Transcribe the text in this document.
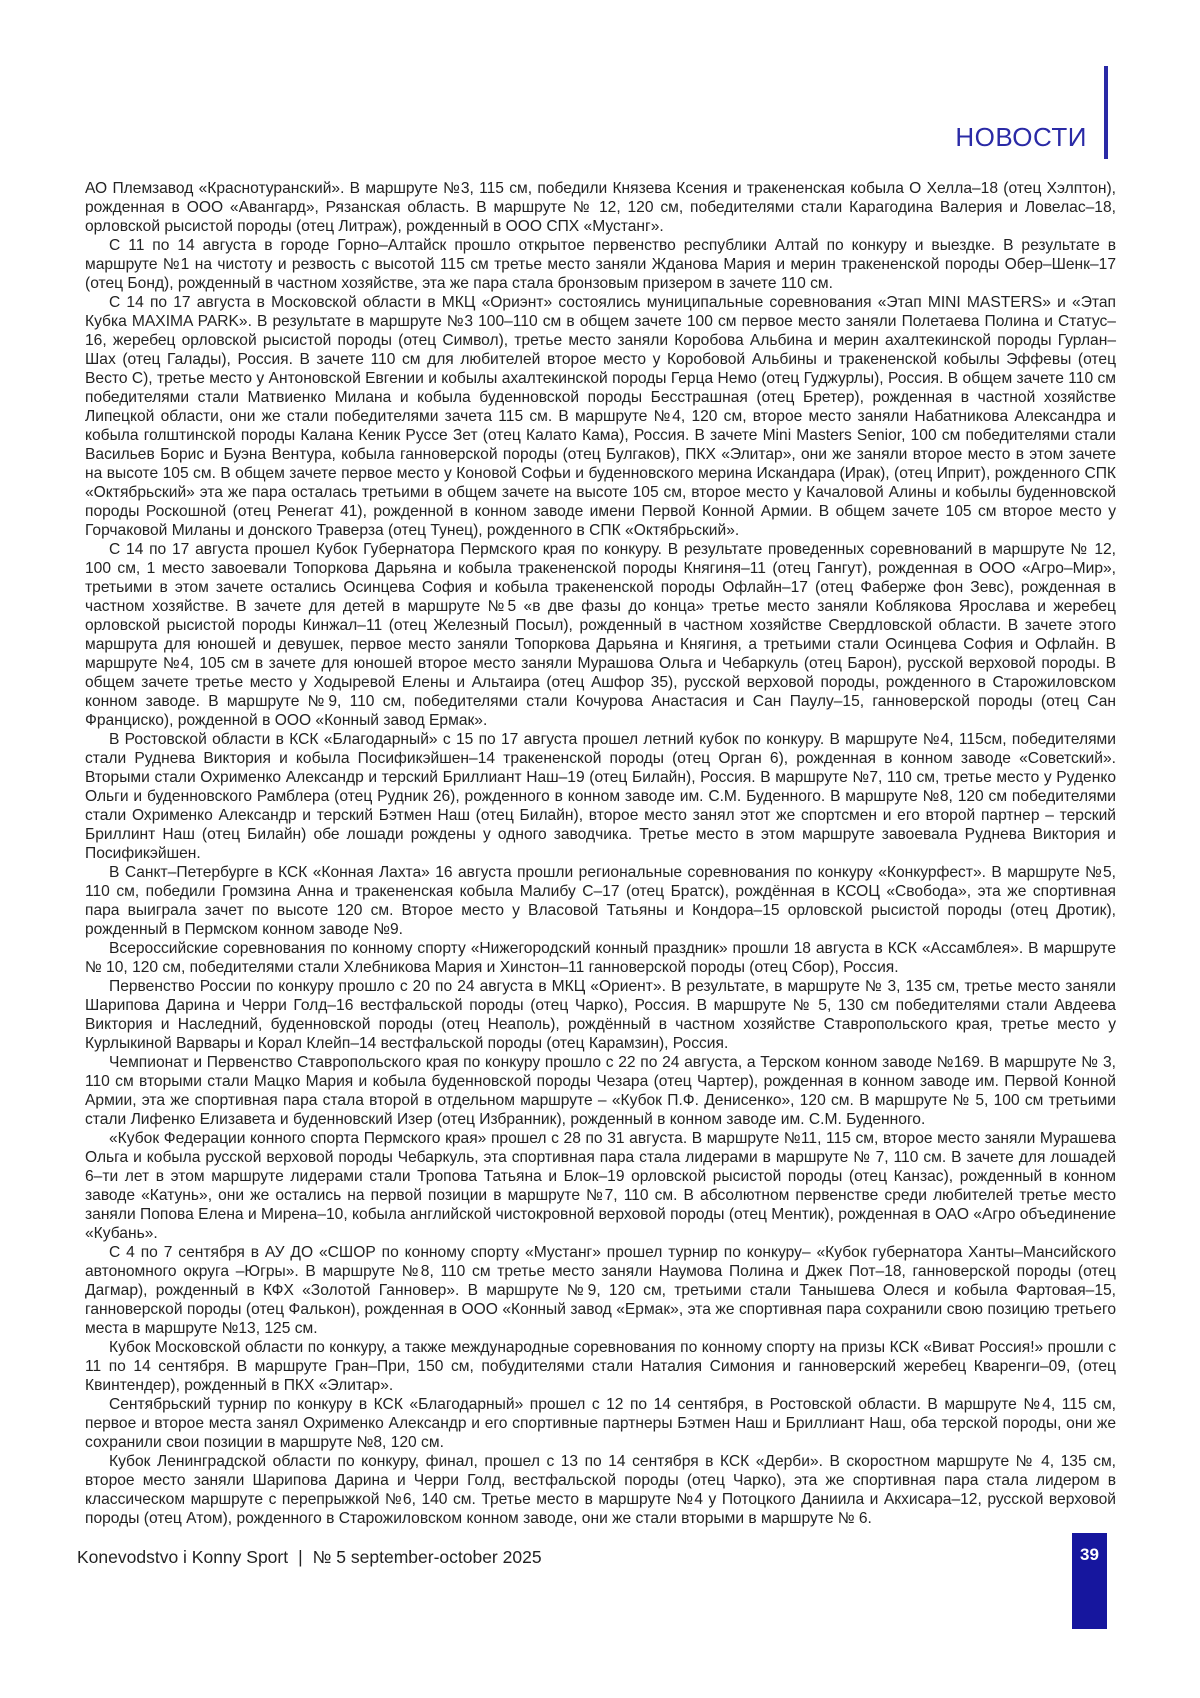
НОВОСТИ

АО Племзавод «Краснотуранский». В маршруте №3, 115 см, победили Князева Ксения и тракененская кобыла О Хелла–18 (отец Хэлптон), рожденная в ООО «Авангард», Рязанская область. В маршруте № 12, 120 см, победителями стали Карагодина Валерия и Ловелас–18, орловской рысистой породы (отец Литраж), рожденный в ООО СПХ «Мустанг».

С 11 по 14 августа в городе Горно–Алтайск прошло открытое первенство республики Алтай по конкуру и выездке. В результате в маршруте №1 на чистоту и резвость с высотой 115 см третье место заняли Жданова Мария и мерин тракененской породы Обер–Шенк–17 (отец Бонд), рожденный в частном хозяйстве, эта же пара стала бронзовым призером в зачете 110 см.

С 14 по 17 августа в Московской области в МКЦ «Ориэнт» состоялись муниципальные соревнования «Этап MINI MASTERS» и «Этап Кубка MAXIMA PARK». В результате в маршруте №3 100–110 см в общем зачете 100 см первое место заняли Полетаева Полина и Статус–16, жеребец орловской рысистой породы (отец Символ), третье место заняли Коробова Альбина и мерин ахалтекинской породы Гурлан–Шах (отец Галады), Россия. В зачете 110 см для любителей второе место у Коробовой Альбины и тракененской кобылы Эффевы (отец Весто С), третье место у Антоновской Евгении и кобылы ахалтекинской породы Герца Немо (отец Гуджурлы), Россия. В общем зачете 110 см победителями стали Матвиенко Милана и кобыла буденновской породы Бесстрашная (отец Бретер), рожденная в частной хозяйстве Липецкой области, они же стали победителями зачета 115 см. В маршруте №4, 120 см, второе место заняли Набатникова Александра и кобыла голштинской породы Калана Кеник Руссе Зет (отец Калато Кама), Россия. В зачете Mini Masters Senior, 100 см победителями стали Васильев Борис и Буэна Вентура, кобыла ганноверской породы (отец Булгаков), ПКХ «Элитар», они же заняли второе место в этом зачете на высоте 105 см. В общем зачете первое место у Коновой Софьи и буденновского мерина Искандара (Ирак), (отец Иприт), рожденного СПК «Октябрьский» эта же пара осталась третьими в общем зачете на высоте 105 см, второе место у Качаловой Алины и кобылы буденновской породы Роскошной (отец Ренегат 41), рожденной в конном заводе имени Первой Конной Армии. В общем зачете 105 см второе место у Горчаковой Миланы и донского Траверза (отец Тунец), рожденного в СПК «Октябрьский».

С 14 по 17 августа прошел Кубок Губернатора Пермского края по конкуру. В результате проведенных соревнований в маршруте № 12, 100 см, 1 место завоевали Топоркова Дарьяна и кобыла тракененской породы Княгиня–11 (отец Гангут), рожденная в ООО «Агро–Мир», третьими в этом зачете остались Осинцева София и кобыла тракененской породы Офлайн–17 (отец Фаберже фон Зевс), рожденная в частном хозяйстве. В зачете для детей в маршруте №5 «в две фазы до конца» третье место заняли Коблякова Ярослава и жеребец орловской рысистой породы Кинжал–11 (отец Железный Посыл), рожденный в частном хозяйстве Свердловской области. В зачете этого маршрута для юношей и девушек, первое место заняли Топоркова Дарьяна и Княгиня, а третьими стали Осинцева София и Офлайн. В маршруте №4, 105 см в зачете для юношей второе место заняли Мурашова Ольга и Чебаркуль (отец Барон), русской верховой породы. В общем зачете третье место у Ходыревой Елены и Альтаира (отец Ашфор 35), русской верховой породы, рожденного в Старожиловском конном заводе. В маршруте №9, 110 см, победителями стали Кочурова Анастасия и Сан Паулу–15, ганноверской породы (отец Сан Франциско), рожденной в ООО «Конный завод Ермак».

В Ростовской области в КСК «Благодарный» с 15 по 17 августа прошел летний кубок по конкуру. В маршруте №4, 115см, победителями стали Руднева Виктория и кобыла Посификэйшен–14 тракененской породы (отец Орган 6), рожденная в конном заводе «Советский». Вторыми стали Охрименко Александр и терский Бриллиант Наш–19 (отец Билайн), Россия. В маршруте №7, 110 см, третье место у Руденко Ольги и буденновского Рамблера (отец Рудник 26), рожденного в конном заводе им. С.М. Буденного. В маршруте №8, 120 см победителями стали Охрименко Александр и терский Бэтмен Наш (отец Билайн), второе место занял этот же спортсмен и его второй партнер – терский Бриллинт Наш (отец Билайн) обе лошади рождены у одного заводчика. Третье место в этом маршруте завоевала Руднева Виктория и Посификэйшен.

В Санкт–Петербурге в КСК «Конная Лахта» 16 августа прошли региональные соревнования по конкуру «Конкурфест». В маршруте №5, 110 см, победили Громзина Анна и тракененская кобыла Малибу С–17 (отец Братск), рождённая в КСОЦ «Свобода», эта же спортивная пара выиграла зачет по высоте 120 см. Второе место у Власовой Татьяны и Кондора–15 орловской рысистой породы (отец Дротик), рожденный в Пермском конном заводе №9.

Всероссийские соревнования по конному спорту «Нижегородский конный праздник» прошли 18 августа в КСК «Ассамблея». В маршруте № 10, 120 см, победителями стали Хлебникова Мария и Хинстон–11 ганноверской породы (отец Сбор), Россия.

Первенство России по конкуру прошло с 20 по 24 августа в МКЦ «Ориент». В результате, в маршруте № 3, 135 см, третье место заняли Шарипова Дарина и Черри Голд–16 вестфальской породы (отец Чарко), Россия. В маршруте № 5, 130 см победителями стали Авдеева Виктория и Наследний, буденновской породы (отец Неаполь), рождённый в частном хозяйстве Ставропольского края, третье место у Курлыкиной Варвары и Корал Клейп–14 вестфальской породы (отец Карамзин), Россия.

Чемпионат и Первенство Ставропольского края по конкуру прошло с 22 по 24 августа, а Терском конном заводе №169. В маршруте № 3, 110 см вторыми стали Мацко Мария и кобыла буденновской породы Чезара (отец Чартер), рожденная в конном заводе им. Первой Конной Армии, эта же спортивная пара стала второй в отдельном маршруте – «Кубок П.Ф. Денисенко», 120 см. В маршруте № 5, 100 см третьими стали Лифенко Елизавета и буденновский Изер (отец Избранник), рожденный в конном заводе им. С.М. Буденного.

«Кубок Федерации конного спорта Пермского края» прошел с 28 по 31 августа. В маршруте №11, 115 см, второе место заняли Мурашева Ольга и кобыла русской верховой породы Чебаркуль, эта спортивная пара стала лидерами в маршруте № 7, 110 см. В зачете для лошадей 6–ти лет в этом маршруте лидерами стали Тропова Татьяна и Блок–19 орловской рысистой породы (отец Канзас), рожденный в конном заводе «Катунь», они же остались на первой позиции в маршруте №7, 110 см. В абсолютном первенстве среди любителей третье место заняли Попова Елена и Мирена–10, кобыла английской чистокровной верховой породы (отец Ментик), рожденная в ОАО «Агро объединение «Кубань».

С 4 по 7 сентября в АУ ДО «СШОР по конному спорту «Мустанг» прошел турнир по конкуру– «Кубок губернатора Ханты–Мансийского автономного округа –Югры». В маршруте №8, 110 см третье место заняли Наумова Полина и Джек Пот–18, ганноверской породы (отец Дагмар), рожденный в КФХ «Золотой Ганновер». В маршруте №9, 120 см, третьими стали Танышева Олеся и кобыла Фартовая–15, ганноверской породы (отец Фалькон), рожденная в ООО «Конный завод «Ермак», эта же спортивная пара сохранили свою позицию третьего места в маршруте №13, 125 см.

Кубок Московской области по конкуру, а также международные соревнования по конному спорту на призы КСК «Виват Россия!» прошли с 11 по 14 сентября. В маршруте Гран–При, 150 см, побудителями стали Наталия Симония и ганноверский жеребец Кваренги–09, (отец Квинтендер), рожденный в ПКХ «Элитар».

Сентябрьский турнир по конкуру в КСК «Благодарный» прошел с 12 по 14 сентября, в Ростовской области. В маршруте №4, 115 см, первое и второе места занял Охрименко Александр и его спортивные партнеры Бэтмен Наш и Бриллиант Наш, оба терской породы, они же сохранили свои позиции в маршруте №8, 120 см.

Кубок Ленинградской области по конкуру, финал, прошел с 13 по 14 сентября в КСК «Дерби». В скоростном маршруте № 4, 135 см, второе место заняли Шарипова Дарина и Черри Голд, вестфальской породы (отец Чарко), эта же спортивная пара стала лидером в классическом маршруте с перепрыжкой №6, 140 см. Третье место в маршруте №4 у Потоцкого Даниила и Акхисара–12, русской верховой породы (отец Атом), рожденного в Старожиловском конном заводе, они же стали вторыми в маршруте № 6.

Konevodstvo i Konny Sport | № 5 september-october 2025	39
